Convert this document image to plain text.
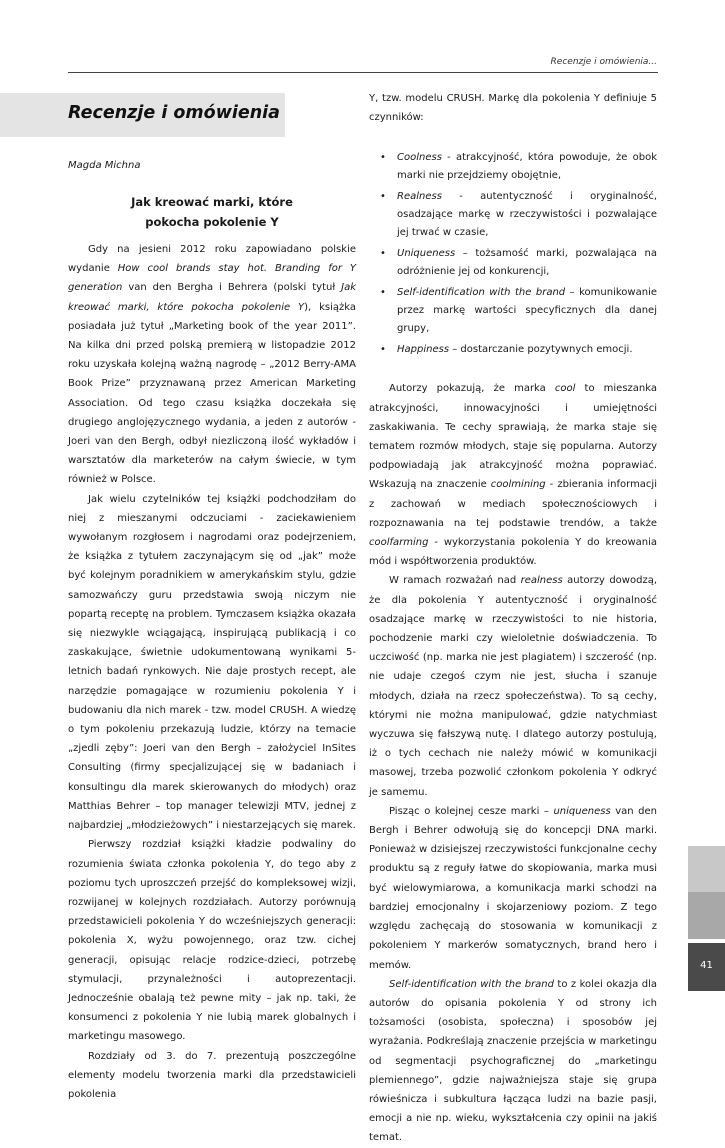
Recenzje i omówienia...
Recenzje i omówienia
Magda Michna
Jak kreować marki, które
pokocha pokolenie Y

Gdy na jesieni 2012 roku zapowiadano polskie wydanie How cool brands stay hot. Branding for Y generation van den Bergha i Behrera (polski tytuł Jak kreować marki, które pokocha pokolenie Y), książka posiadała już tytuł „Marketing book of the year 2011”. Na kilka dni przed polską premierą w listopadzie 2012 roku uzyskała kolejną ważną nagrodę – „2012 Berry-AMA Book Prize” przyznawaną przez American Marketing Association. Od tego czasu książka doczekała się drugiego anglojęzycznego wydania, a jeden z autorów - Joeri van den Bergh, odbył niezliczoną ilość wykładów i warsztatów dla marketerów na całym świecie, w tym również w Polsce.

Jak wielu czytelników tej książki podchodziłam do niej z mieszanymi odczuciami - zaciekawieniem wywołanym rozgłosem i nagrodami oraz podejrzeniem, że książka z tytułem zaczynającym się od „jak” może być kolejnym poradnikiem w amerykańskim stylu, gdzie samozwańczy guru przedstawia swoją niczym nie popartą receptę na problem. Tymczasem książka okazała się niezwykle wciągającą, inspirującą publikacją i co zaskakujące, świetnie udokumentowaną wynikami 5-letnich badań rynkowych. Nie daje prostych recept, ale narzędzie pomagające w rozumieniu pokolenia Y i budowaniu dla nich marek - tzw. model CRUSH. A wiedzę o tym pokoleniu przekazują ludzie, którzy na temacie „zjedli zęby”: Joeri van den Bergh – założyciel InSites Consulting (firmy specjalizującej się w badaniach i konsultingu dla marek skierowanych do młodych) oraz Matthias Behrer – top manager telewizji MTV, jednej z najbardziej „młodzieżowych” i niestarzejących się marek.

Pierwszy rozdział książki kładzie podwaliny do rozumienia świata członka pokolenia Y, do tego aby z poziomu tych uproszczeń przejść do kompleksowej wizji, rozwijanej w kolejnych rozdziałach. Autorzy porównują przedstawicieli pokolenia Y do wcześniejszych generacji: pokolenia X, wyżu powojennego, oraz tzw. cichej generacji, opisując relacje rodzice-dzieci, potrzebę stymulacji, przynależności i autoprezentacji. Jednocześnie obalają też pewne mity – jak np. taki, że konsumenci z pokolenia Y nie lubią marek globalnych i marketingu masowego.

Rozdziały od 3. do 7. prezentują poszczególne elementy modelu tworzenia marki dla przedstawicieli pokolenia

Y, tzw. modelu CRUSH. Markę dla pokolenia Y definiuje 5 czynników:

• Coolness - atrakcyjność, która powoduje, że obok marki nie przejdziemy obojętnie,
• Realness - autentyczność i oryginalność, osadzające markę w rzeczywistości i pozwalające jej trwać w czasie,
• Uniqueness – tożsamość marki, pozwalająca na odróżnienie jej od konkurencji,
• Self-identification with the brand – komunikowanie przez markę wartości specyficznych dla danej grupy,
• Happiness – dostarczanie pozytywnych emocji.

Autorzy pokazują, że marka cool to mieszanka atrakcyjności, innowacyjności i umiejętności zaskakiwania. Te cechy sprawiają, że marka staje się tematem rozmów młodych, staje się popularna. Autorzy podpowiadają jak atrakcyjność można poprawiać. Wskazują na znaczenie coolmining - zbierania informacji z zachowań w mediach społecznościowych i rozpoznawania na tej podstawie trendów, a także coolfarming - wykorzystania pokolenia Y do kreowania mód i współtworzenia produktów.

W ramach rozważań nad realness autorzy dowodzą, że dla pokolenia Y autentyczność i oryginalność osadzające markę w rzeczywistości to nie historia, pochodzenie marki czy wieloletnie doświadczenia. To uczciwość (np. marka nie jest plagiatem) i szczerość (np. nie udaje czegoś czym nie jest, słucha i szanuje młodych, działa na rzecz społeczeństwa). To są cechy, którymi nie można manipulować, gdzie natychmiast wyczuwa się fałszywą nutę. I dlatego autorzy postulują, iż o tych cechach nie należy mówić w komunikacji masowej, trzeba pozwolić członkom pokolenia Y odkryć je samemu.

Pisząc o kolejnej cesze marki – uniqueness van den Bergh i Behrer odwołują się do koncepcji DNA marki. Ponieważ w dzisiejszej rzeczywistości funkcjonalne cechy produktu są z reguły łatwe do skopiowania, marka musi być wielowymiarowa, a komunikacja marki schodzi na bardziej emocjonalny i skojarzeniowy poziom. Z tego względu zachęcają do stosowania w komunikacji z pokoleniem Y markerów somatycznych, brand hero i memów.

Self-identification with the brand to z kolei okazja dla autorów do opisania pokolenia Y od strony ich tożsamości (osobista, społeczna) i sposobów jej wyrażania. Podkreślają znaczenie przejścia w marketingu od segmentacji psychograficznej do „marketingu plemiennego”, gdzie najważniejsza staje się grupa rówieśnicza i subkultura łącząca ludzi na bazie pasji, emocji a nie np. wieku, wykształcenia czy opinii na jakiś temat.

41
